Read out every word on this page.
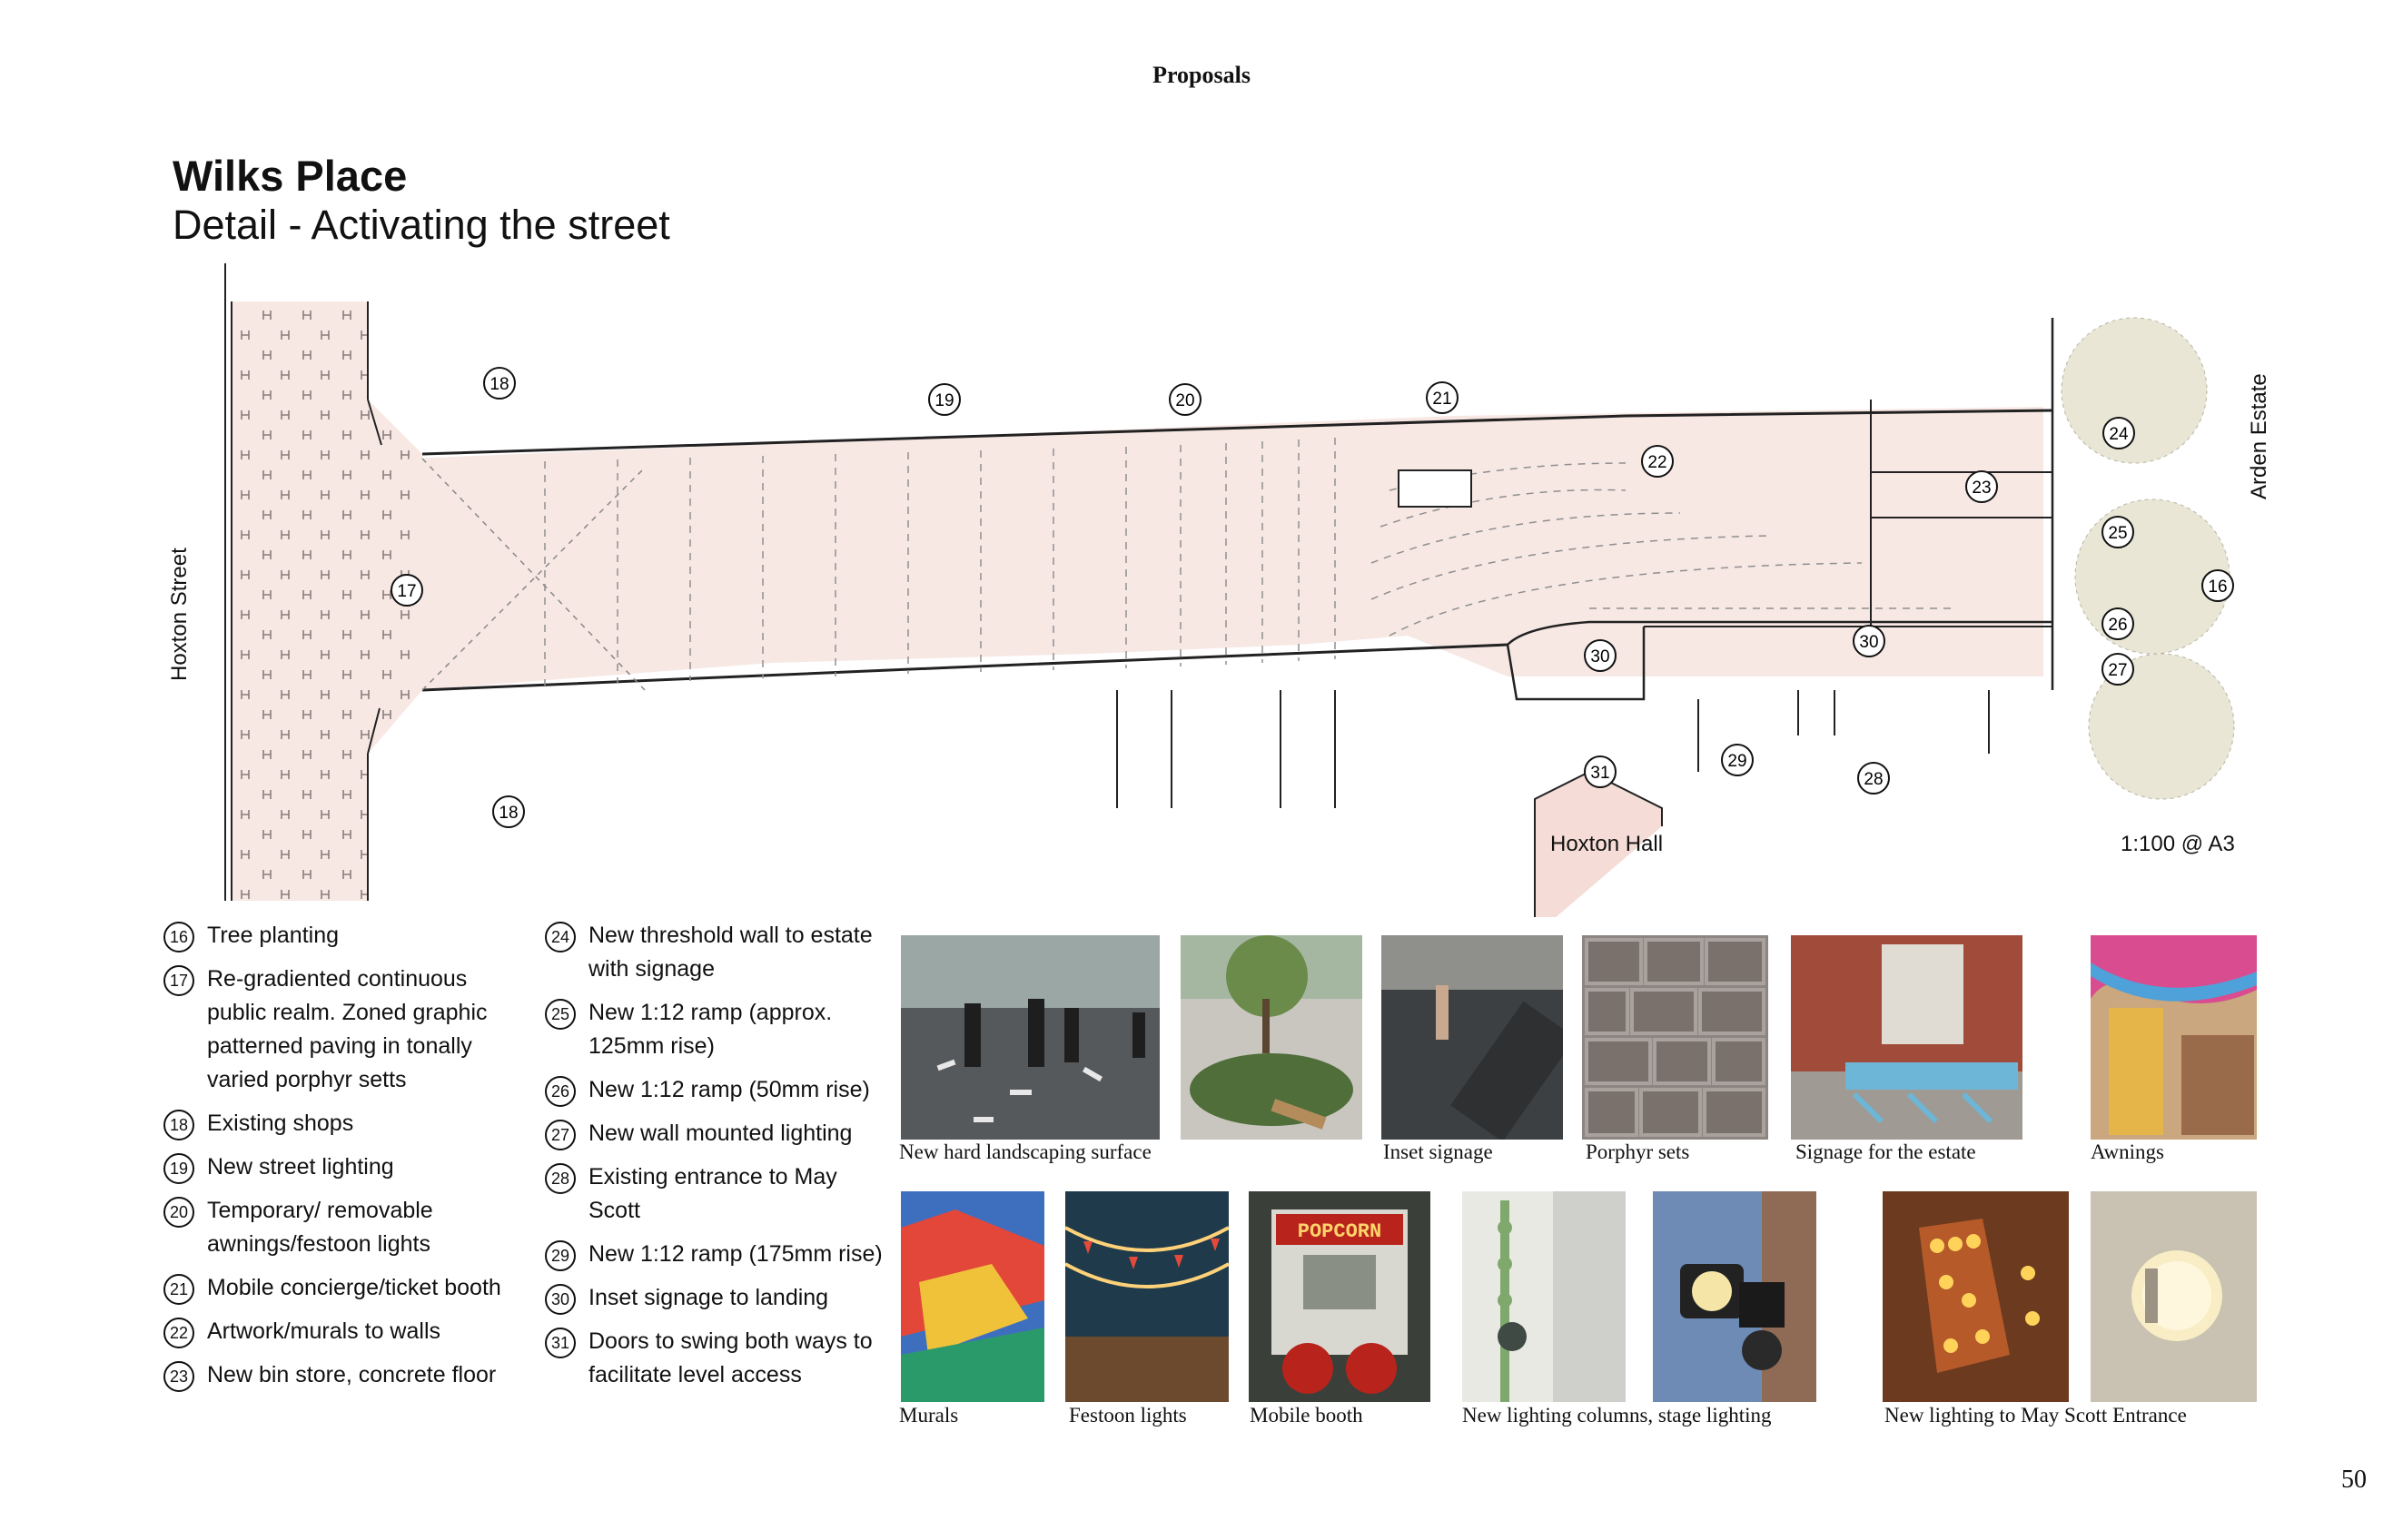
Proposals
Wilks Place
Detail - Activating the street
Hoxton Street
Arden Estate
Hoxton Hall	1:100 @ A3
18
18
17
19	20	21
22
23
24
25
16
26
27
30
30
31
29
28
16 Tree planting
17 Re-gradiented continuous public realm. Zoned graphic patterned paving in tonally varied porphyr setts
18 Existing shops
19 New street lighting
20 Temporary/ removable awnings/festoon lights
21 Mobile concierge/ticket booth
22 Artwork/murals to walls
23 New bin store, concrete floor
24 New threshold wall to estate with signage
25 New 1:12 ramp (approx. 125mm rise)
26 New 1:12 ramp (50mm rise)
27 New wall mounted lighting
28 Existing entrance to May Scott
29 New 1:12 ramp (175mm rise)
30 Inset signage to landing
31 Doors to swing both ways to facilitate level access
New hard landscaping surface	Inset signage	Porphyr sets	Signage for the estate	Awnings
POPCORN
Murals	Festoon lights	Mobile booth	New lighting columns, stage lighting	New lighting to May Scott Entrance
50
